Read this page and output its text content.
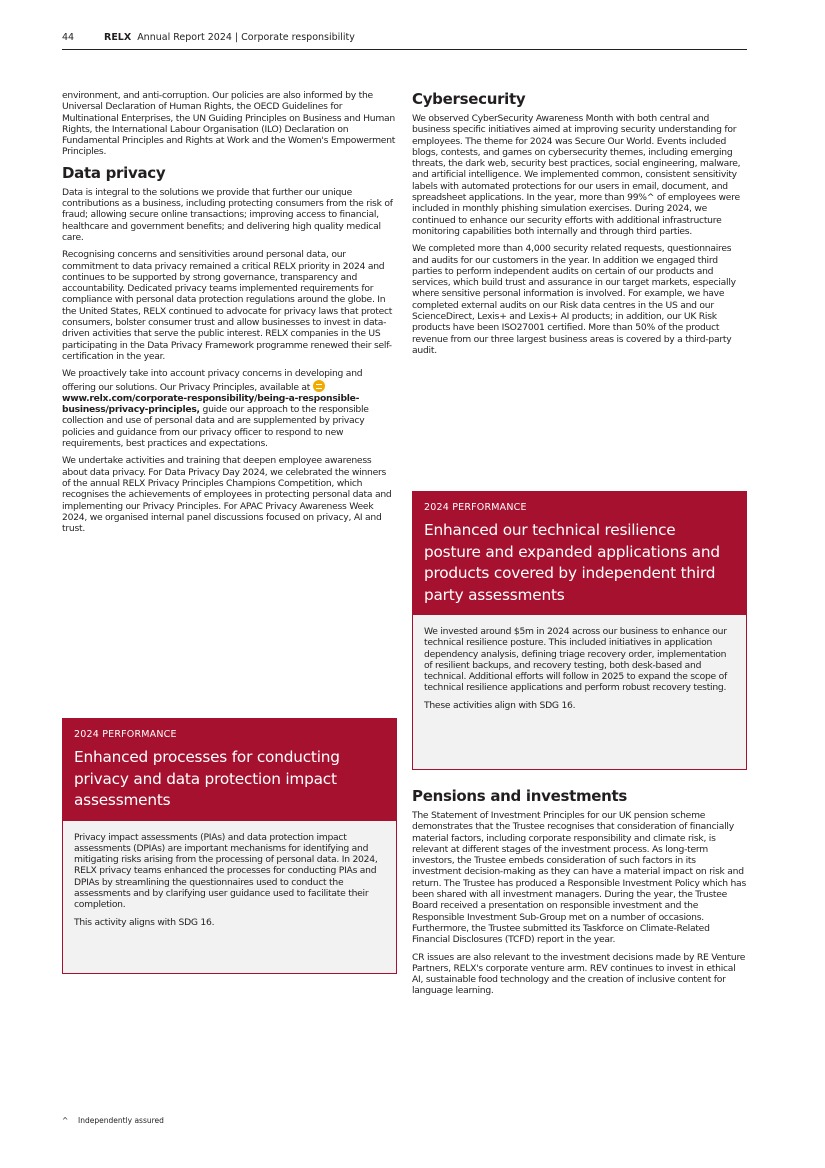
44	RELX Annual Report 2024 | Corporate responsibility

environment, and anti-corruption. Our policies are also informed by the Universal Declaration of Human Rights, the OECD Guidelines for Multinational Enterprises, the UN Guiding Principles on Business and Human Rights, the International Labour Organisation (ILO) Declaration on Fundamental Principles and Rights at Work and the Women's Empowerment Principles.

Data privacy

Data is integral to the solutions we provide that further our unique contributions as a business, including protecting consumers from the risk of fraud; allowing secure online transactions; improving access to financial, healthcare and government benefits; and delivering high quality medical care.

Recognising concerns and sensitivities around personal data, our commitment to data privacy remained a critical RELX priority in 2024 and continues to be supported by strong governance, transparency and accountability. Dedicated privacy teams implemented requirements for compliance with personal data protection regulations around the globe. In the United States, RELX continued to advocate for privacy laws that protect consumers, bolster consumer trust and allow businesses to invest in data-driven activities that serve the public interest. RELX companies in the US participating in the Data Privacy Framework programme renewed their self-certification in the year.

We proactively take into account privacy concerns in developing and offering our solutions. Our Privacy Principles, available at www.relx.com/corporate-responsibility/being-a-responsible-business/privacy-principles, guide our approach to the responsible collection and use of personal data and are supplemented by privacy policies and guidance from our privacy officer to respond to new requirements, best practices and expectations.

We undertake activities and training that deepen employee awareness about data privacy. For Data Privacy Day 2024, we celebrated the winners of the annual RELX Privacy Principles Champions Competition, which recognises the achievements of employees in protecting personal data and implementing our Privacy Principles. For APAC Privacy Awareness Week 2024, we organised internal panel discussions focused on privacy, AI and trust.

2024 PERFORMANCE
Enhanced processes for conducting privacy and data protection impact assessments

Privacy impact assessments (PIAs) and data protection impact assessments (DPIAs) are important mechanisms for identifying and mitigating risks arising from the processing of personal data. In 2024, RELX privacy teams enhanced the processes for conducting PIAs and DPIAs by streamlining the questionnaires used to conduct the assessments and by clarifying user guidance used to facilitate their completion.

This activity aligns with SDG 16.

Cybersecurity

We observed CyberSecurity Awareness Month with both central and business specific initiatives aimed at improving security understanding for employees. The theme for 2024 was Secure Our World. Events included blogs, contests, and games on cybersecurity themes, including emerging threats, the dark web, security best practices, social engineering, malware, and artificial intelligence. We implemented common, consistent sensitivity labels with automated protections for our users in email, document, and spreadsheet applications. In the year, more than 99%^ of employees were included in monthly phishing simulation exercises. During 2024, we continued to enhance our security efforts with additional infrastructure monitoring capabilities both internally and through third parties.

We completed more than 4,000 security related requests, questionnaires and audits for our customers in the year. In addition we engaged third parties to perform independent audits on certain of our products and services, which build trust and assurance in our target markets, especially where sensitive personal information is involved. For example, we have completed external audits on our Risk data centres in the US and our ScienceDirect, Lexis+ and Lexis+ AI products; in addition, our UK Risk products have been ISO27001 certified. More than 50% of the product revenue from our three largest business areas is covered by a third-party audit.

2024 PERFORMANCE
Enhanced our technical resilience posture and expanded applications and products covered by independent third party assessments

We invested around $5m in 2024 across our business to enhance our technical resilience posture. This included initiatives in application dependency analysis, defining triage recovery order, implementation of resilient backups, and recovery testing, both desk-based and technical. Additional efforts will follow in 2025 to expand the scope of technical resilience applications and perform robust recovery testing.

These activities align with SDG 16.

Pensions and investments

The Statement of Investment Principles for our UK pension scheme demonstrates that the Trustee recognises that consideration of financially material factors, including corporate responsibility and climate risk, is relevant at different stages of the investment process. As long-term investors, the Trustee embeds consideration of such factors in its investment decision-making as they can have a material impact on risk and return. The Trustee has produced a Responsible Investment Policy which has been shared with all investment managers. During the year, the Trustee Board received a presentation on responsible investment and the Responsible Investment Sub-Group met on a number of occasions. Furthermore, the Trustee submitted its Taskforce on Climate-Related Financial Disclosures (TCFD) report in the year.

CR issues are also relevant to the investment decisions made by RE Venture Partners, RELX's corporate venture arm. REV continues to invest in ethical AI, sustainable food technology and the creation of inclusive content for language learning.

^ Independently assured
